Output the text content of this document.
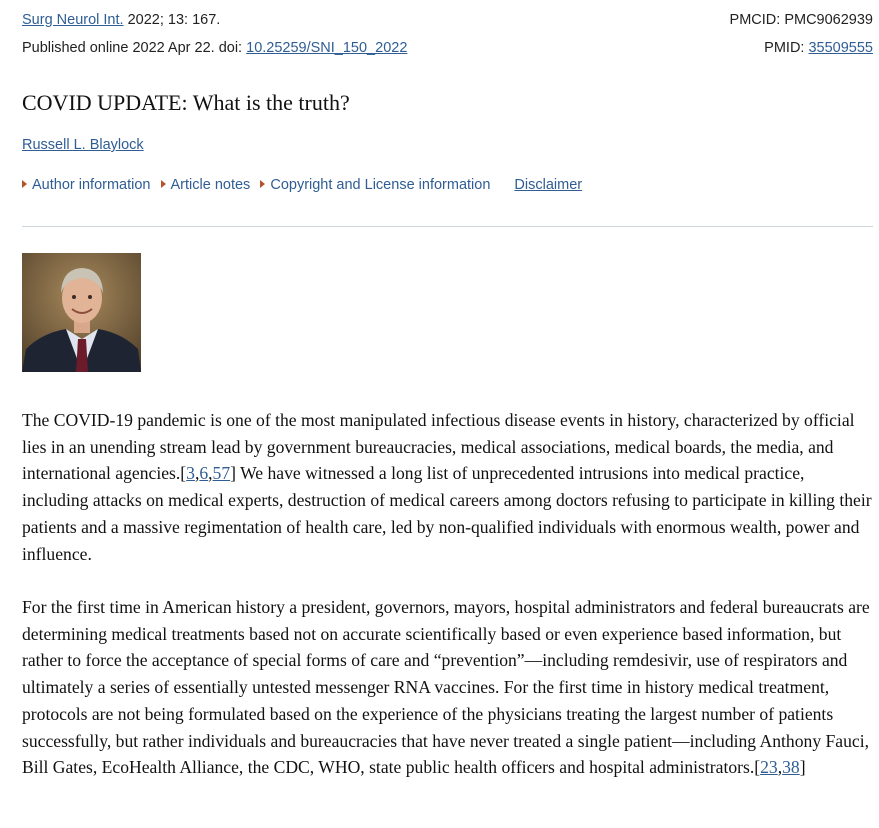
Surg Neurol Int. 2022; 13: 167.	PMCID: PMC9062939
Published online 2022 Apr 22. doi: 10.25259/SNI_150_2022	PMID: 35509555
COVID UPDATE: What is the truth?
Russell L. Blaylock
Author information Article notes Copyright and License information Disclaimer

The COVID-19 pandemic is one of the most manipulated infectious disease events in history, characterized by official lies in an unending stream lead by government bureaucracies, medical associations, medical boards, the media, and international agencies.[3,6,57] We have witnessed a long list of unprecedented intrusions into medical practice, including attacks on medical experts, destruction of medical careers among doctors refusing to participate in killing their patients and a massive regimentation of health care, led by non-qualified individuals with enormous wealth, power and influence.

For the first time in American history a president, governors, mayors, hospital administrators and federal bureaucrats are determining medical treatments based not on accurate scientifically based or even experience based information, but rather to force the acceptance of special forms of care and “prevention”—including remdesivir, use of respirators and ultimately a series of essentially untested messenger RNA vaccines. For the first time in history medical treatment, protocols are not being formulated based on the experience of the physicians treating the largest number of patients successfully, but rather individuals and bureaucracies that have never treated a single patient—including Anthony Fauci, Bill Gates, EcoHealth Alliance, the CDC, WHO, state public health officers and hospital administrators.[23,38]
